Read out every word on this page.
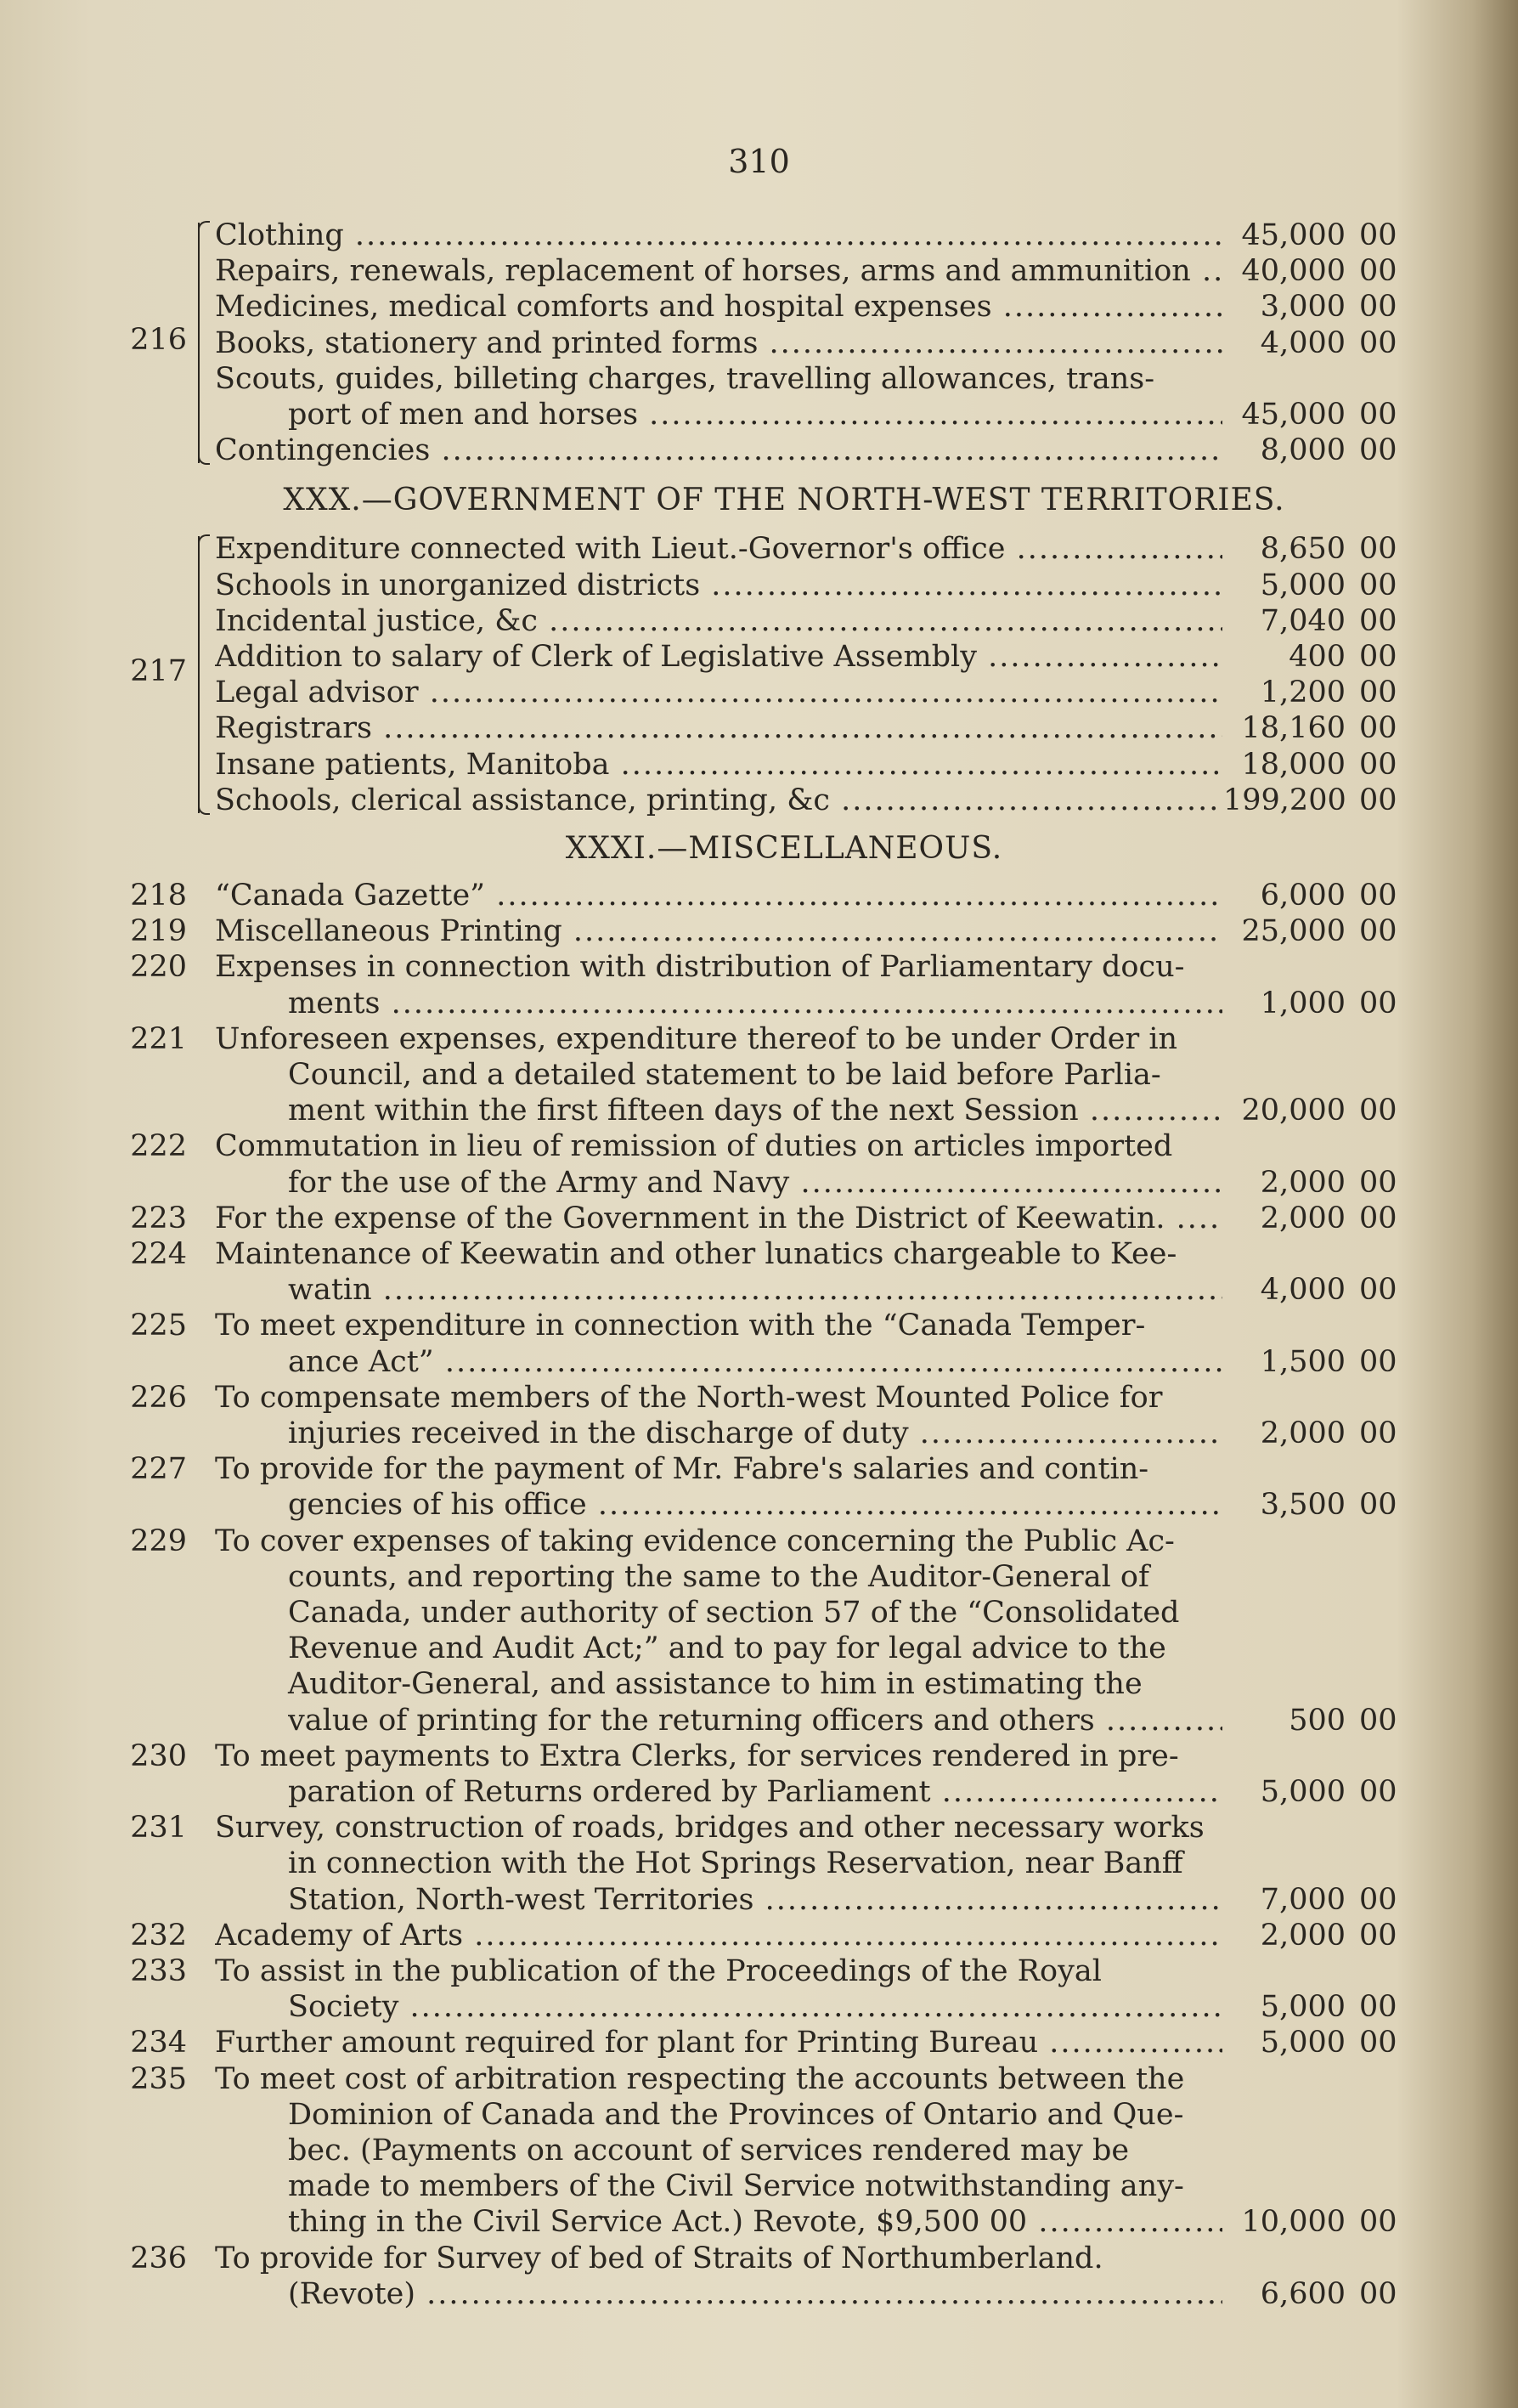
310
Clothing .....	45,000 00
Repairs, renewals, replacement of horses, arms and ammunition .....	40,000 00
Medicines, medical comforts and hospital expenses .....	3,000 00
Books, stationery and printed forms .....	4,000 00
Scouts, guides, billeting charges, travelling allowances, trans-
port of men and horses .....	45,000 00
Contingencies .....	8,000 00
216
XXX.—GOVERNMENT OF THE NORTH-WEST TERRITORIES.
Expenditure connected with Lieut.-Governor's office .....	8,650 00
Schools in unorganized districts .....	5,000 00
Incidental justice, &c .....	7,040 00
Addition to salary of Clerk of Legislative Assembly .....	400 00
Legal advisor .....	1,200 00
Registrars .....	18,160 00
Insane patients, Manitoba .....	18,000 00
Schools, clerical assistance, printing, &c .....	199,200 00
217
XXXI.—MISCELLANEOUS.
218 “Canada Gazette” .....	6,000 00
219 Miscellaneous Printing .....	25,000 00
220 Expenses in connection with distribution of Parliamentary docu-
ments .....	1,000 00
221 Unforeseen expenses, expenditure thereof to be under Order in
Council, and a detailed statement to be laid before Parlia-
ment within the first fifteen days of the next Session .....	20,000 00
222 Commutation in lieu of remission of duties on articles imported
for the use of the Army and Navy .....	2,000 00
223 For the expense of the Government in the District of Keewatin. .....	2,000 00
224 Maintenance of Keewatin and other lunatics chargeable to Kee-
watin .....	4,000 00
225 To meet expenditure in connection with the “Canada Temper-
ance Act” .....	1,500 00
226 To compensate members of the North-west Mounted Police for
injuries received in the discharge of duty .....	2,000 00
227 To provide for the payment of Mr. Fabre's salaries and contin-
gencies of his office .....	3,500 00
229 To cover expenses of taking evidence concerning the Public Ac-
counts, and reporting the same to the Auditor-General of
Canada, under authority of section 57 of the “Consolidated
Revenue and Audit Act;” and to pay for legal advice to the
Auditor-General, and assistance to him in estimating the
value of printing for the returning officers and others .....	500 00
230 To meet payments to Extra Clerks, for services rendered in pre-
paration of Returns ordered by Parliament .....	5,000 00
231 Survey, construction of roads, bridges and other necessary works
in connection with the Hot Springs Reservation, near Banff
Station, North-west Territories .....	7,000 00
232 Academy of Arts .....	2,000 00
233 To assist in the publication of the Proceedings of the Royal
Society .....	5,000 00
234 Further amount required for plant for Printing Bureau .....	5,000 00
235 To meet cost of arbitration respecting the accounts between the
Dominion of Canada and the Provinces of Ontario and Que-
bec. (Payments on account of services rendered may be
made to members of the Civil Service notwithstanding any-
thing in the Civil Service Act.) Revote, $9,500 00 .....	10,000 00
236 To provide for Survey of bed of Straits of Northumberland.
(Revote) .....	6,600 00
